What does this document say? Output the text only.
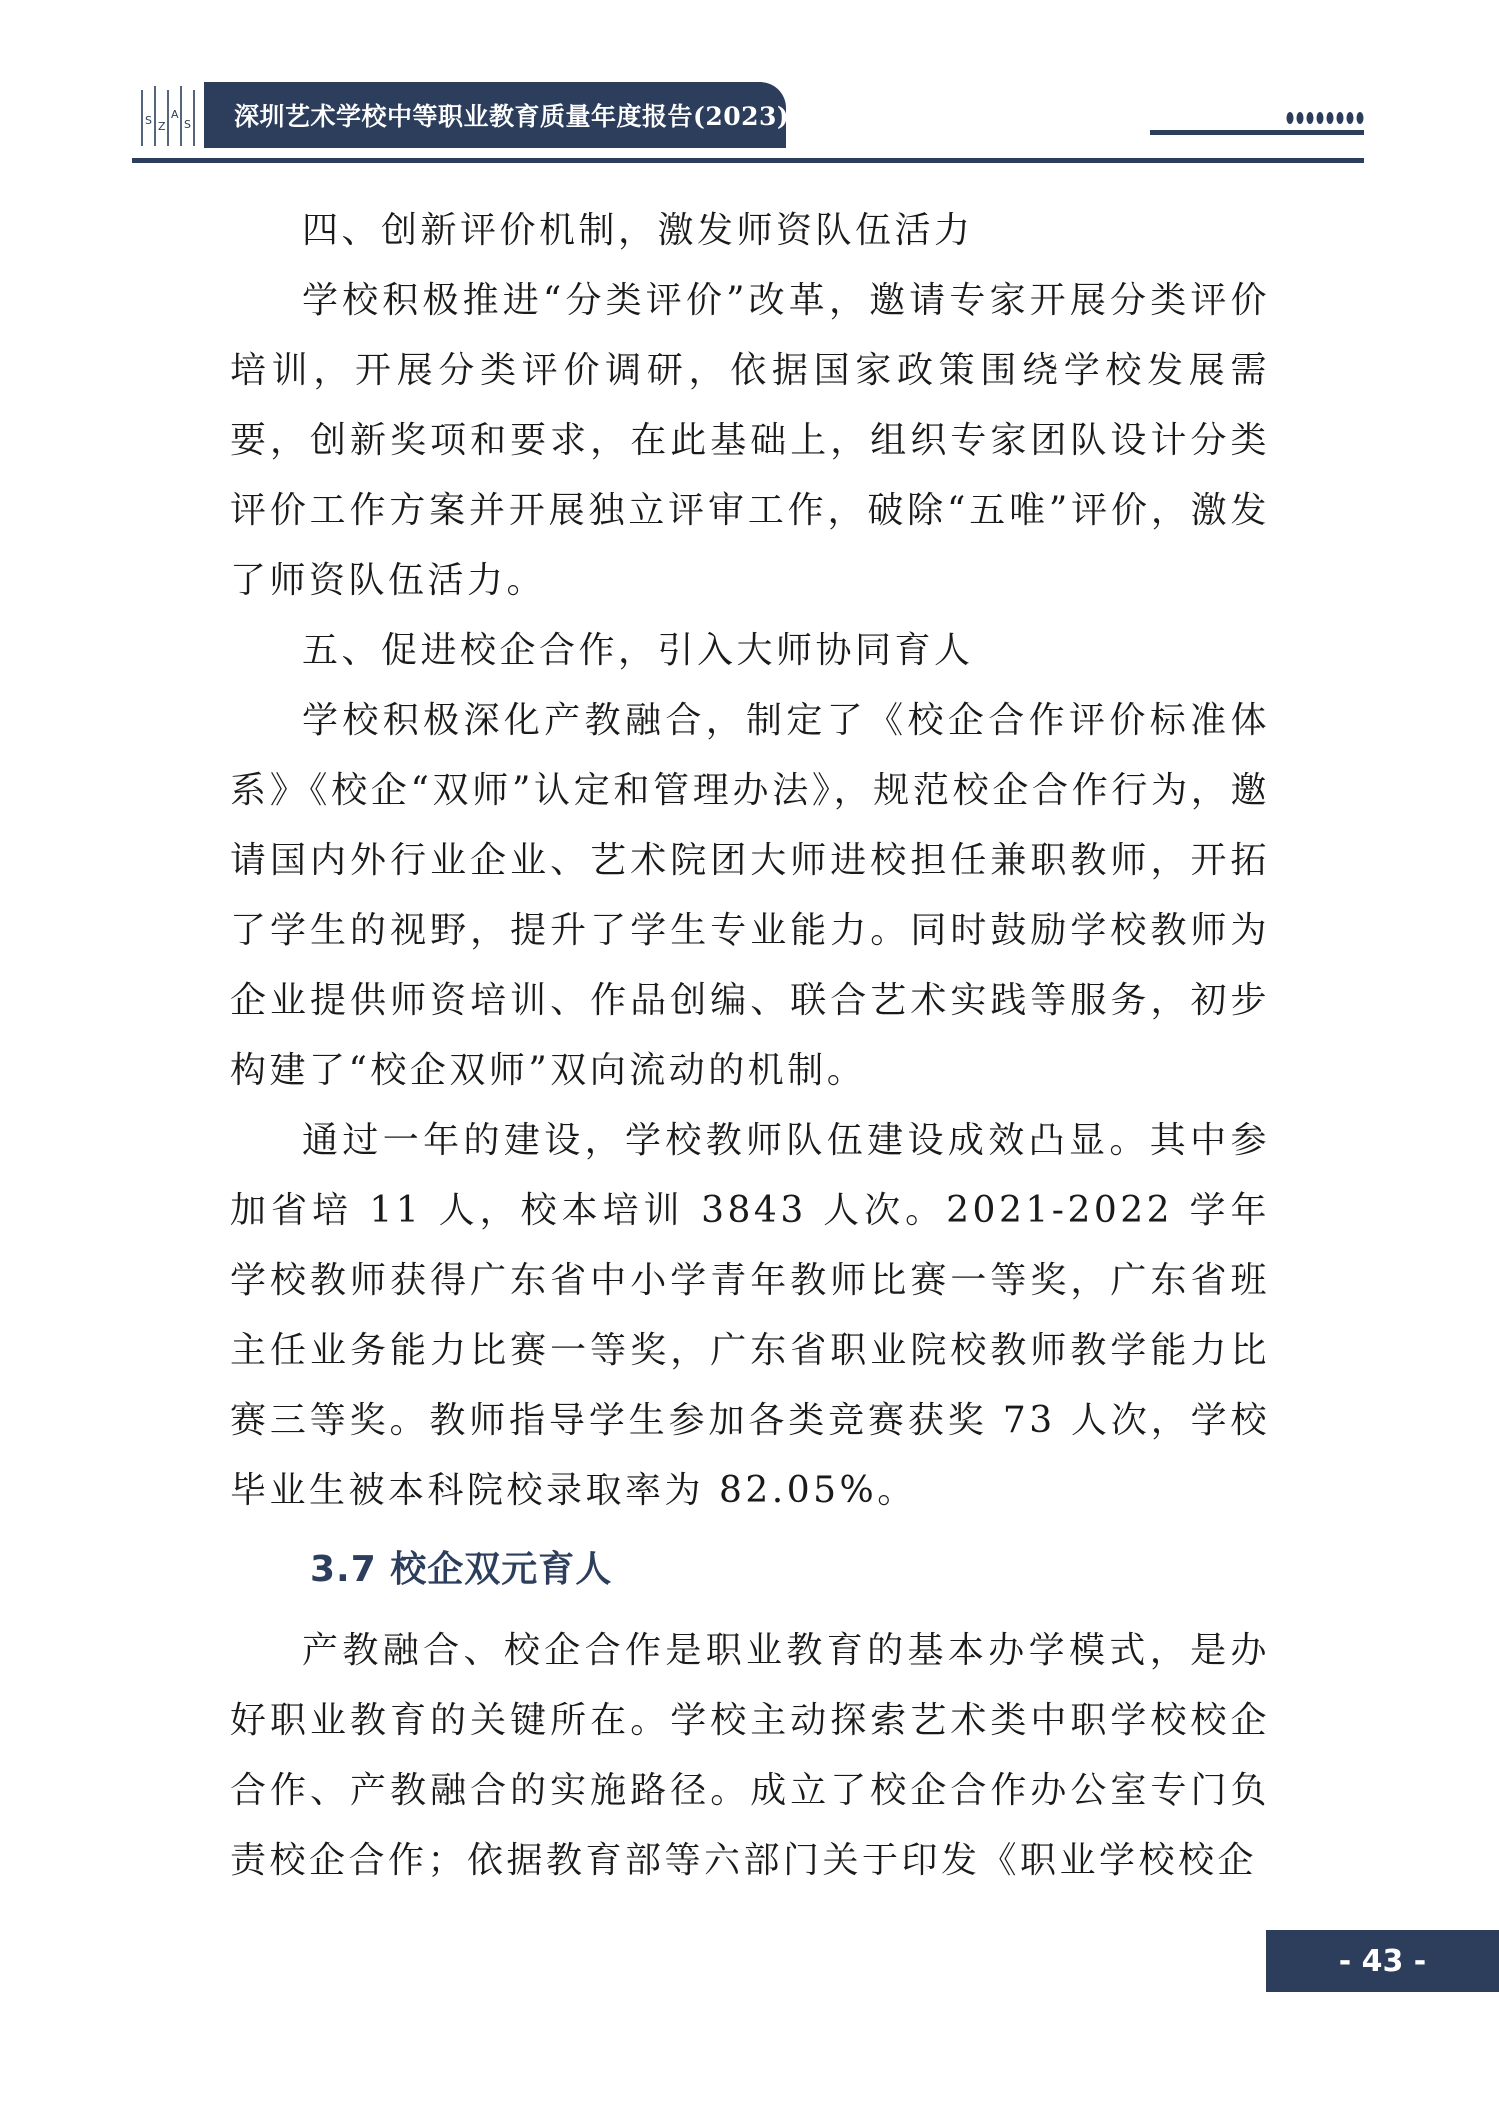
S Z
A
S 深圳艺术学校中等职业教育质量年度报告(2023)

四、创新评价机制，激发师资队伍活力

学校积极推进“分类评价”改革，邀请专家开展分类评价培训，开展分类评价调研，依据国家政策围绕学校发展需要，创新奖项和要求，在此基础上，组织专家团队设计分类评价工作方案并开展独立评审工作，破除“五唯”评价，激发了师资队伍活力。

五、促进校企合作，引入大师协同育人

学校积极深化产教融合，制定了《校企合作评价标准体系》《校企“双师”认定和管理办法》，规范校企合作行为，邀请国内外行业企业、艺术院团大师进校担任兼职教师，开拓了学生的视野，提升了学生专业能力。同时鼓励学校教师为企业提供师资培训、作品创编、联合艺术实践等服务，初步构建了“校企双师”双向流动的机制。

通过一年的建设，学校教师队伍建设成效凸显。其中参加省培 11 人，校本培训 3843 人次。2021-2022 学年学校教师获得广东省中小学青年教师比赛一等奖，广东省班主任业务能力比赛一等奖，广东省职业院校教师教学能力比赛三等奖。教师指导学生参加各类竞赛获奖 73 人次，学校毕业生被本科院校录取率为 82.05%。

3.7 校企双元育人

产教融合、校企合作是职业教育的基本办学模式，是办好职业教育的关键所在。学校主动探索艺术类中职学校校企合作、产教融合的实施路径。成立了校企合作办公室专门负责校企合作；依据教育部等六部门关于印发《职业学校校企

- 43 -
